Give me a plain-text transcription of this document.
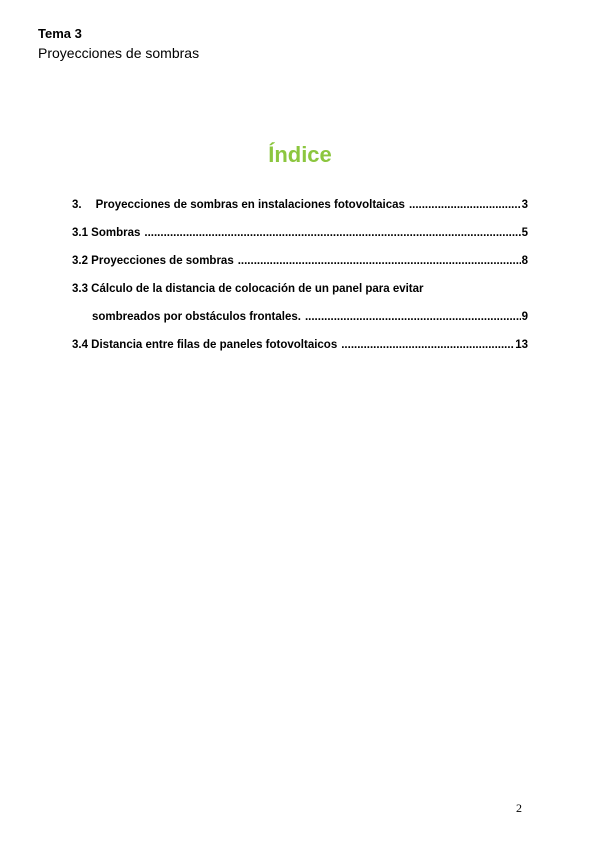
Tema 3
Proyecciones de sombras
Índice
3. Proyecciones de sombras en instalaciones fotovoltaicas .....	3
3.1 Sombras .....	5
3.2 Proyecciones de sombras .....	8
3.3 Cálculo de la distancia de colocación de un panel para evitar
sombreados por obstáculos frontales. .....	9
3.4 Distancia entre filas de paneles fotovoltaicos .....	13
2
